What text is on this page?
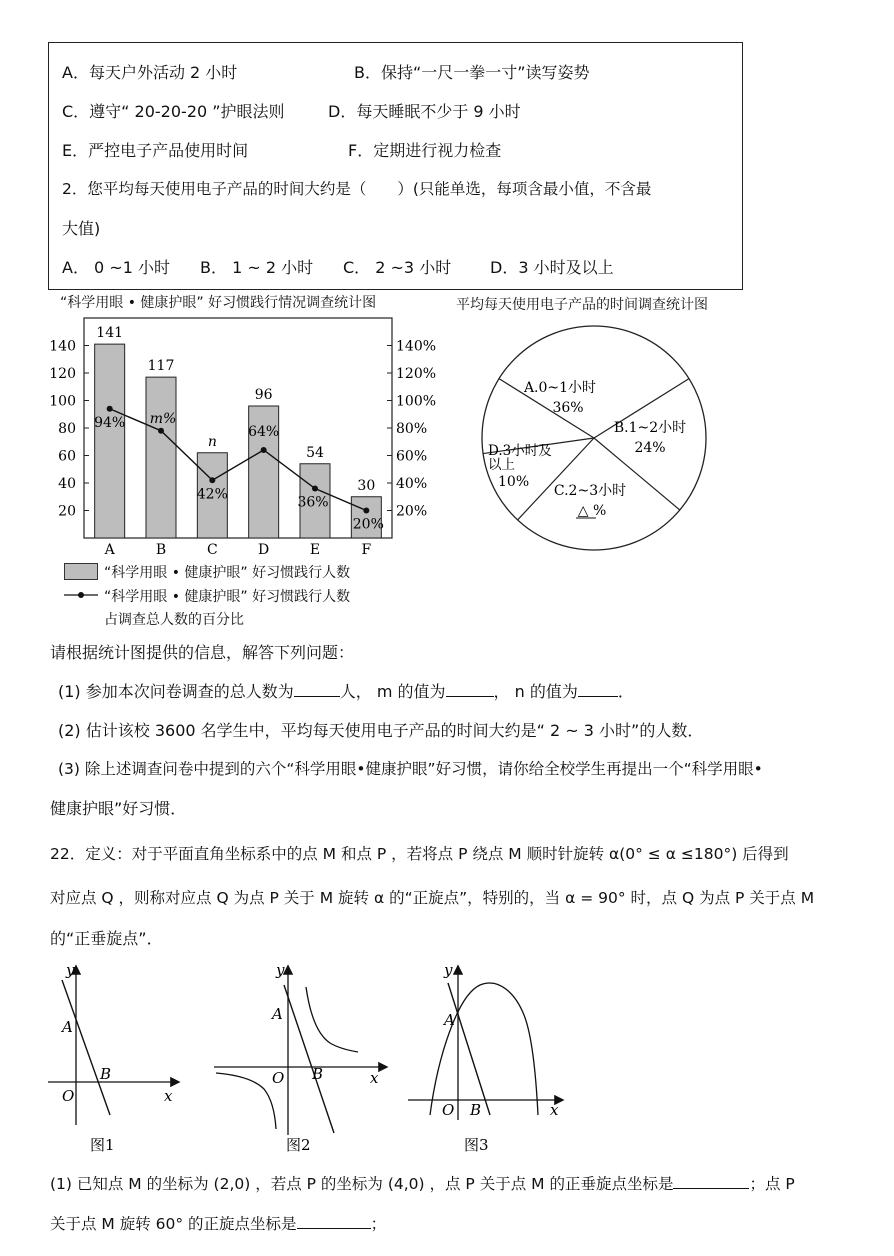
A．每天户外活动 2 小时	B．保持“一尺一拳一寸”读写姿势
C．遵守“ 20-20-20 ”护眼法则	D．每天睡眠不少于 9 小时
E．严控电子产品使用时间	F．定期进行视力检查
2．您平均每天使用电子产品的时间大约是（　　）(只能单选，每项含最小值，不含最
大值)
A． 0 ~1 小时 B． 1 ~ 2 小时 C． 2 ~3 小时 D．3 小时及以上
“科学用眼 • 健康护眼” 好习惯践行情况调查统计图	平均每天使用电子产品的时间调查统计图
20
40
60
80
100
120
140
20%
40%
60%
80%
100%
120%
140%
141
A
117
B
n
C
96
D
54
E
30
F
94% m%
42%
64%
36%
20%
A.0~1小时
36%
B.1~2小时
24%
C.2~3小时
△ %
D.3小时及
以上
10%
“科学用眼 • 健康护眼” 好习惯践行人数
“科学用眼 • 健康护眼” 好习惯践行人数
占调查总人数的百分比
请根据统计图提供的信息，解答下列问题：
(1) 参加本次问卷调查的总人数为	人， m 的值为	， n 的值为	．
(2) 估计该校 3600 名学生中，平均每天使用电子产品的时间大约是“ 2 ~ 3 小时”的人数．
(3) 除上述调查问卷中提到的六个“科学用眼•健康护眼”好习惯，请你给全校学生再提出一个“科学用眼•
健康护眼”好习惯．
22．定义：对于平面直角坐标系中的点 M 和点 P ，若将点 P 绕点 M 顺时针旋转 α(0° ≤ α ≤180°) 后得到
对应点 Q ，则称对应点 Q 为点 P 关于 M 旋转 α 的“正旋点”，特别的，当 α = 90° 时，点 Q 为点 P 关于点 M
的“正垂旋点”．
y
x
O
A
B
图1
y
x
O
A
B
图2
y
x
O
A
B
图3
(1) 已知点 M 的坐标为 (2,0) ，若点 P 的坐标为 (4,0) ，点 P 关于点 M 的正垂旋点坐标是	；点 P
关于点 M 旋转 60° 的正旋点坐标是	；
